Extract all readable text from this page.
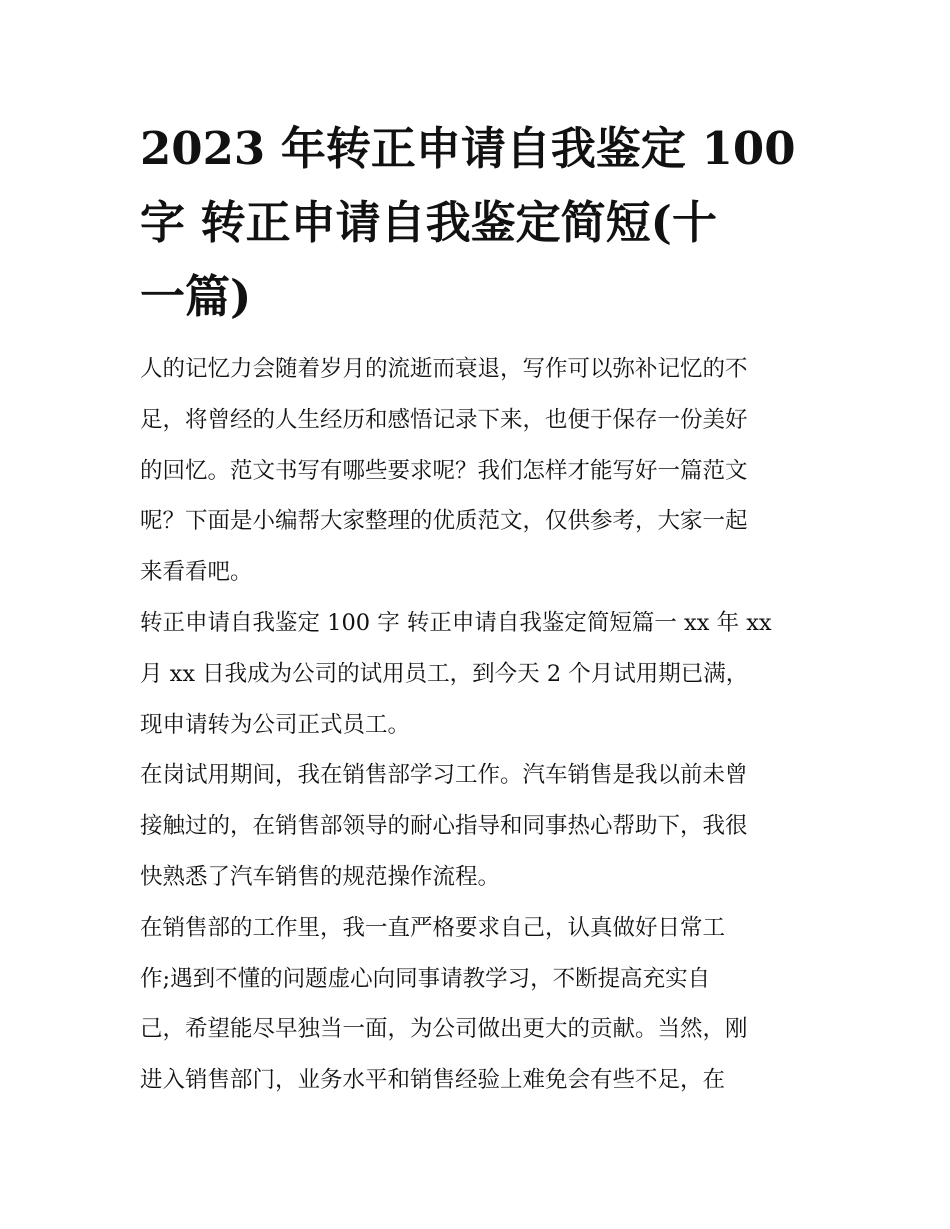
2023 年转正申请自我鉴定 100
字 转正申请自我鉴定简短(十
一篇)
人的记忆力会随着岁月的流逝而衰退，写作可以弥补记忆的不
足，将曾经的人生经历和感悟记录下来，也便于保存一份美好
的回忆。范文书写有哪些要求呢？我们怎样才能写好一篇范文
呢？下面是小编帮大家整理的优质范文，仅供参考，大家一起
来看看吧。
转正申请自我鉴定 100 字 转正申请自我鉴定简短篇一 xx 年 xx
月 xx 日我成为公司的试用员工，到今天 2 个月试用期已满，
现申请转为公司正式员工。
在岗试用期间，我在销售部学习工作。汽车销售是我以前未曾
接触过的，在销售部领导的耐心指导和同事热心帮助下，我很
快熟悉了汽车销售的规范操作流程。
在销售部的工作里，我一直严格要求自己，认真做好日常工
作;遇到不懂的问题虚心向同事请教学习，不断提高充实自
己，希望能尽早独当一面，为公司做出更大的贡献。当然，刚
进入销售部门，业务水平和销售经验上难免会有些不足，在
